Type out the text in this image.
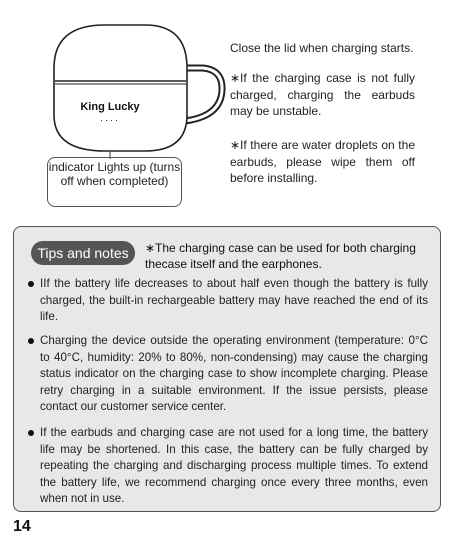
King Lucky
····
indicator Lights up (turns off when completed)
Close the lid when charging starts.
∗If the charging case is not fully charged, charging the earbuds may be unstable.
∗If there are water droplets on the earbuds, please wipe them off before installing.
Tips and notes	∗The charging case can be used for both charging thecase itself and the earphones.
IIf the battery life decreases to about half even though the battery is fully charged, the built-in rechargeable battery may have reached the end of its life.
Charging the device outside the operating environment (temperature: 0°C to 40°C, humidity: 20% to 80%, non-condensing) may cause the charging status indicator on the charging case to show incomplete charging. Please retry charging in a suitable environment. If the issue persists, please contact our customer service center.
If the earbuds and charging case are not used for a long time, the battery life may be shortened. In this case, the battery can be fully charged by repeating the charging and discharging process multiple times. To extend the battery life, we recommend charging once every three months, even when not in use.
14
